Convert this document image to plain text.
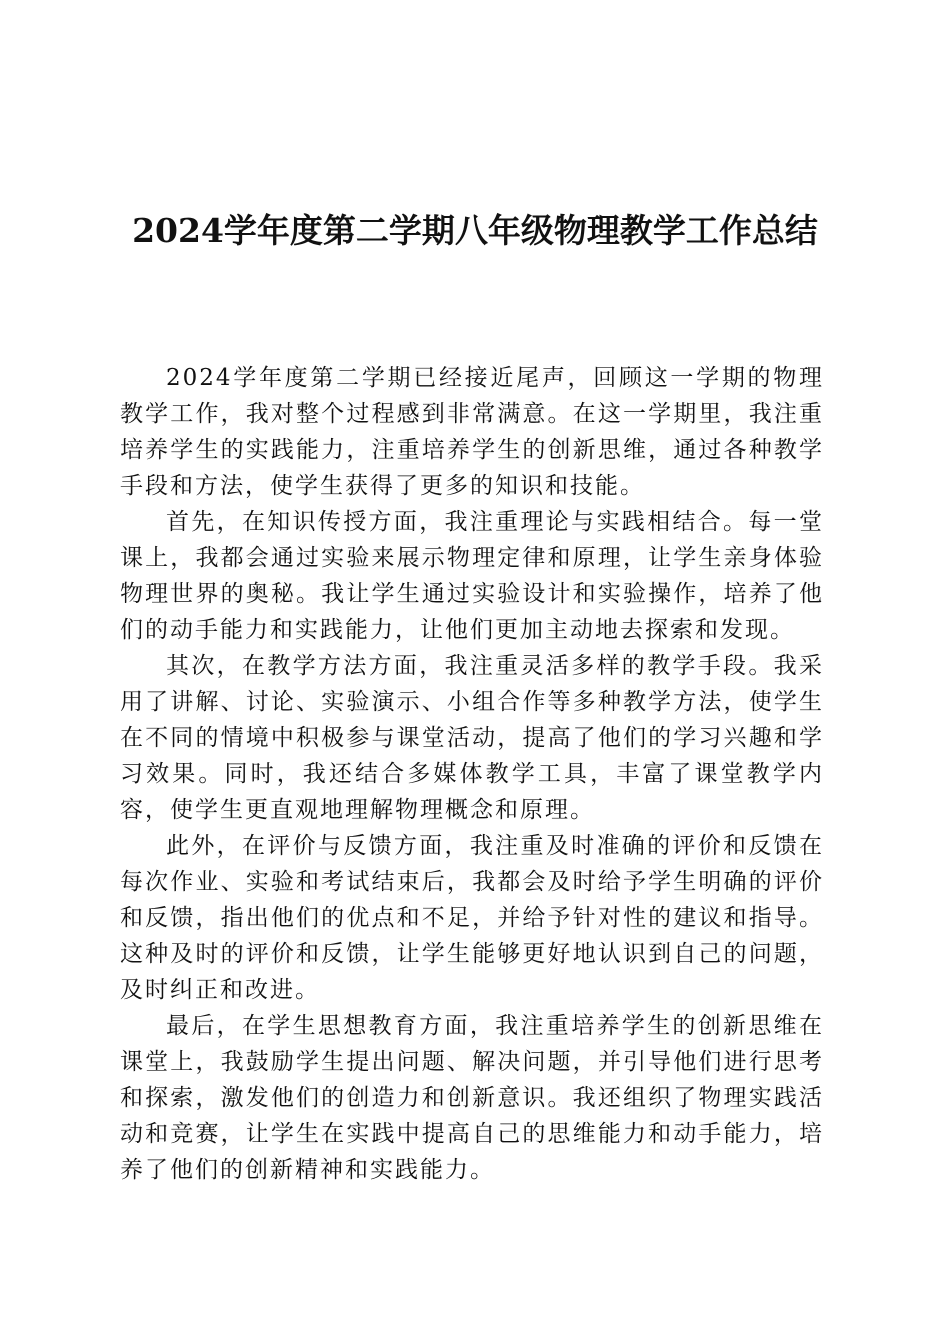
2024学年度第二学期八年级物理教学工作总结

2024学年度第二学期已经接近尾声，回顾这一学期的物理教学工作，我对整个过程感到非常满意。在这一学期里，我注重培养学生的实践能力，注重培养学生的创新思维，通过各种教学手段和方法，使学生获得了更多的知识和技能。

首先，在知识传授方面，我注重理论与实践相结合。每一堂课上，我都会通过实验来展示物理定律和原理，让学生亲身体验物理世界的奥秘。我让学生通过实验设计和实验操作，培养了他们的动手能力和实践能力，让他们更加主动地去探索和发现。

其次，在教学方法方面，我注重灵活多样的教学手段。我采用了讲解、讨论、实验演示、小组合作等多种教学方法，使学生在不同的情境中积极参与课堂活动，提高了他们的学习兴趣和学习效果。同时，我还结合多媒体教学工具，丰富了课堂教学内容，使学生更直观地理解物理概念和原理。

此外，在评价与反馈方面，我注重及时准确的评价和反馈在每次作业、实验和考试结束后，我都会及时给予学生明确的评价和反馈，指出他们的优点和不足，并给予针对性的建议和指导。这种及时的评价和反馈，让学生能够更好地认识到自己的问题，及时纠正和改进。

最后，在学生思想教育方面，我注重培养学生的创新思维在课堂上，我鼓励学生提出问题、解决问题，并引导他们进行思考和探索，激发他们的创造力和创新意识。我还组织了物理实践活动和竞赛，让学生在实践中提高自己的思维能力和动手能力，培养了他们的创新精神和实践能力。
